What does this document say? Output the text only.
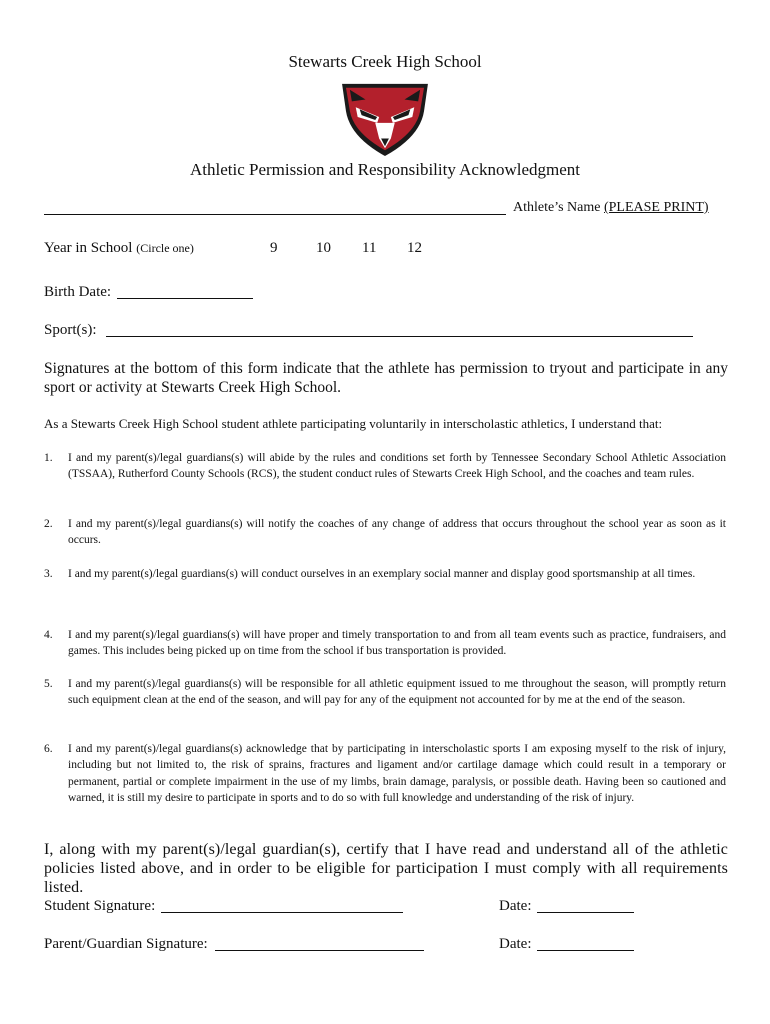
Stewarts Creek High School
Athletic Permission and Responsibility Acknowledgment
Athlete’s Name (PLEASE PRINT)
Year in School (Circle one)	9	10 11 12
Birth Date:
Sport(s):
Signatures at the bottom of this form indicate that the athlete has permission to tryout and participate in any sport or activity at Stewarts Creek High School.
As a Stewarts Creek High School student athlete participating voluntarily in interscholastic athletics, I understand that:
1. I and my parent(s)/legal guardians(s) will abide by the rules and conditions set forth by Tennessee Secondary School Athletic Association (TSSAA), Rutherford County Schools (RCS), the student conduct rules of Stewarts Creek High School, and the coaches and team rules.
2. I and my parent(s)/legal guardians(s) will notify the coaches of any change of address that occurs throughout the school year as soon as it occurs.
3. I and my parent(s)/legal guardians(s) will conduct ourselves in an exemplary social manner and display good sportsmanship at all times.
4. I and my parent(s)/legal guardians(s) will have proper and timely transportation to and from all team events such as practice, fundraisers, and games. This includes being picked up on time from the school if bus transportation is provided.
5. I and my parent(s)/legal guardians(s) will be responsible for all athletic equipment issued to me throughout the season, will promptly return such equipment clean at the end of the season, and will pay for any of the equipment not accounted for by me at the end of the season.
6. I and my parent(s)/legal guardians(s) acknowledge that by participating in interscholastic sports I am exposing myself to the risk of injury, including but not limited to, the risk of sprains, fractures and ligament and/or cartilage damage which could result in a temporary or permanent, partial or complete impairment in the use of my limbs, brain damage, paralysis, or possible death. Having been so cautioned and warned, it is still my desire to participate in sports and to do so with full knowledge and understanding of the risk of injury.
I, along with my parent(s)/legal guardian(s), certify that I have read and understand all of the athletic policies listed above, and in order to be eligible for participation I must comply with all requirements listed.
Student Signature:	Date:
Parent/Guardian Signature:	Date:
